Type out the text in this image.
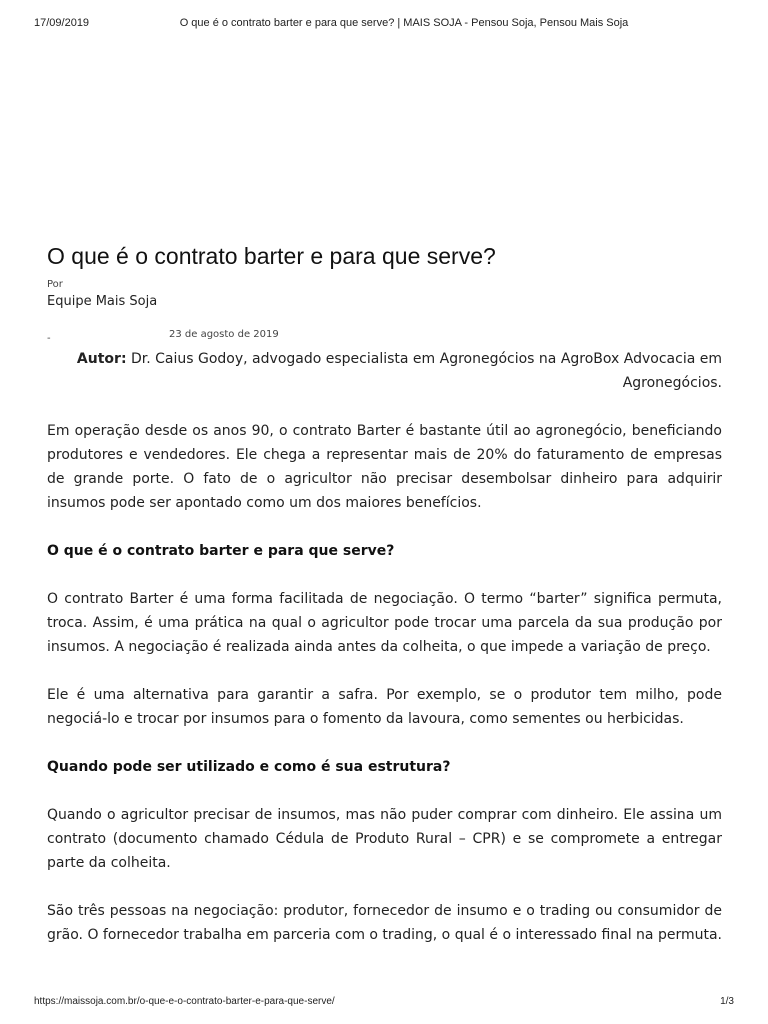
17/09/2019	O que é o contrato barter e para que serve? | MAIS SOJA - Pensou Soja, Pensou Mais Soja
O que é o contrato barter e para que serve?
Por
Equipe Mais Soja
-	23 de agosto de 2019
Autor: Dr. Caius Godoy, advogado especialista em Agronegócios na AgroBox Advocacia em Agronegócios.

Em operação desde os anos 90, o contrato Barter é bastante útil ao agronegócio, beneficiando produtores e vendedores. Ele chega a representar mais de 20% do faturamento de empresas de grande porte. O fato de o agricultor não precisar desembolsar dinheiro para adquirir insumos pode ser apontado como um dos maiores benefícios.

O que é o contrato barter e para que serve?

O contrato Barter é uma forma facilitada de negociação. O termo “barter” significa permuta, troca. Assim, é uma prática na qual o agricultor pode trocar uma parcela da sua produção por insumos. A negociação é realizada ainda antes da colheita, o que impede a variação de preço.

Ele é uma alternativa para garantir a safra. Por exemplo, se o produtor tem milho, pode negociá-lo e trocar por insumos para o fomento da lavoura, como sementes ou herbicidas.

Quando pode ser utilizado e como é sua estrutura?

Quando o agricultor precisar de insumos, mas não puder comprar com dinheiro. Ele assina um contrato (documento chamado Cédula de Produto Rural – CPR) e se compromete a entregar parte da colheita.

São três pessoas na negociação: produtor, fornecedor de insumo e o trading ou consumidor de grão. O fornecedor trabalha em parceria com o trading, o qual é o interessado final na permuta.

https://maissoja.com.br/o-que-e-o-contrato-barter-e-para-que-serve/	1/3
